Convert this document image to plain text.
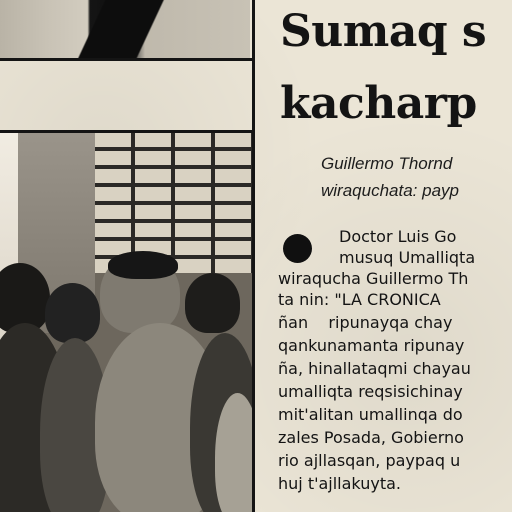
Sumaq s
kacharp
Guillermo Thornd
wiraquchata: payp
Doctor Luis Go
musuq Umalliqta
wiraqucha Guillermo Th
ta nin: "LA CRONICA
ñan    ripunayqa chay
qankunamanta ripunay
ña, hinallataqmi chayau
umalliqta reqsisichinay
mit'alitan umallinqa do
zales Posada, Gobierno
rio ajllasqan, paypaq u
huj t'ajllakuyta.
